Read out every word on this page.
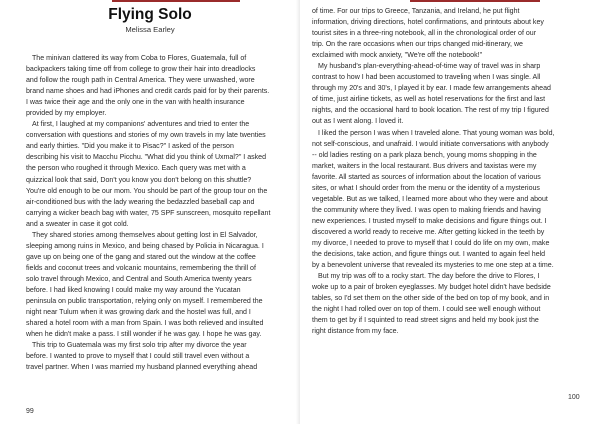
Flying Solo
Melissa Earley
The minivan clattered its way from Coba to Flores, Guatemala, full of
backpackers taking time off from college to grow their hair into dreadlocks
and follow the rough path in Central America. They were unwashed, wore
brand name shoes and had iPhones and credit cards paid for by their parents.
I was twice their age and the only one in the van with health insurance
provided by my employer.
At first, I laughed at my companions' adventures and tried to enter the
conversation with questions and stories of my own travels in my late twenties
and early thirties. "Did you make it to Pisac?" I asked of the person
describing his visit to Macchu Picchu. "What did you think of Uxmal?" I asked
the person who roughed it through Mexico. Each query was met with a
quizzical look that said, Don't you know you don't belong on this shuttle?
You're old enough to be our mom. You should be part of the group tour on the
air-conditioned bus with the lady wearing the bedazzled baseball cap and
carrying a wicker beach bag with water, 75 SPF sunscreen, mosquito repellant
and a sweater in case it got cold.
They shared stories among themselves about getting lost in El Salvador,
sleeping among ruins in Mexico, and being chased by Policia in Nicaragua. I
gave up on being one of the gang and stared out the window at the coffee
fields and coconut trees and volcanic mountains, remembering the thrill of
solo travel through Mexico, and Central and South America twenty years
before. I had liked knowing I could make my way around the Yucatan
peninsula on public transportation, relying only on myself. I remembered the
night near Tulum when it was growing dark and the hostel was full, and I
shared a hotel room with a man from Spain. I was both relieved and insulted
when he didn't make a pass. I still wonder if he was gay. I hope he was gay.
This trip to Guatemala was my first solo trip after my divorce the year
before. I wanted to prove to myself that I could still travel even without a
travel partner. When I was married my husband planned everything ahead
99
of time. For our trips to Greece, Tanzania, and Ireland, he put flight
information, driving directions, hotel confirmations, and printouts about key
tourist sites in a three-ring notebook, all in the chronological order of our
trip. On the rare occasions when our trips changed mid-itinerary, we
exclaimed with mock anxiety, "We're off the notebook!"
My husband's plan-everything-ahead-of-time way of travel was in sharp
contrast to how I had been accustomed to traveling when I was single. All
through my 20's and 30's, I played it by ear. I made few arrangements ahead
of time, just airline tickets, as well as hotel reservations for the first and last
nights, and the occasional hard to book location. The rest of my trip I figured
out as I went along. I loved it.
I liked the person I was when I traveled alone. That young woman was bold,
not self-conscious, and unafraid. I would initiate conversations with anybody
-- old ladies resting on a park plaza bench, young moms shopping in the
market, waiters in the local restaurant. Bus drivers and taxistas were my
favorite. All started as sources of information about the location of various
sites, or what I should order from the menu or the identity of a mysterious
vegetable. But as we talked, I learned more about who they were and about
the community where they lived. I was open to making friends and having
new experiences. I trusted myself to make decisions and figure things out. I
discovered a world ready to receive me. After getting kicked in the teeth by
my divorce, I needed to prove to myself that I could do life on my own, make
the decisions, take action, and figure things out. I wanted to again feel held
by a benevolent universe that revealed its mysteries to me one step at a time.
But my trip was off to a rocky start. The day before the drive to Flores, I
woke up to a pair of broken eyeglasses. My budget hotel didn't have bedside
tables, so I'd set them on the other side of the bed on top of my book, and in
the night I had rolled over on top of them. I could see well enough without
them to get by if I squinted to read street signs and held my book just the
right distance from my face.
100
